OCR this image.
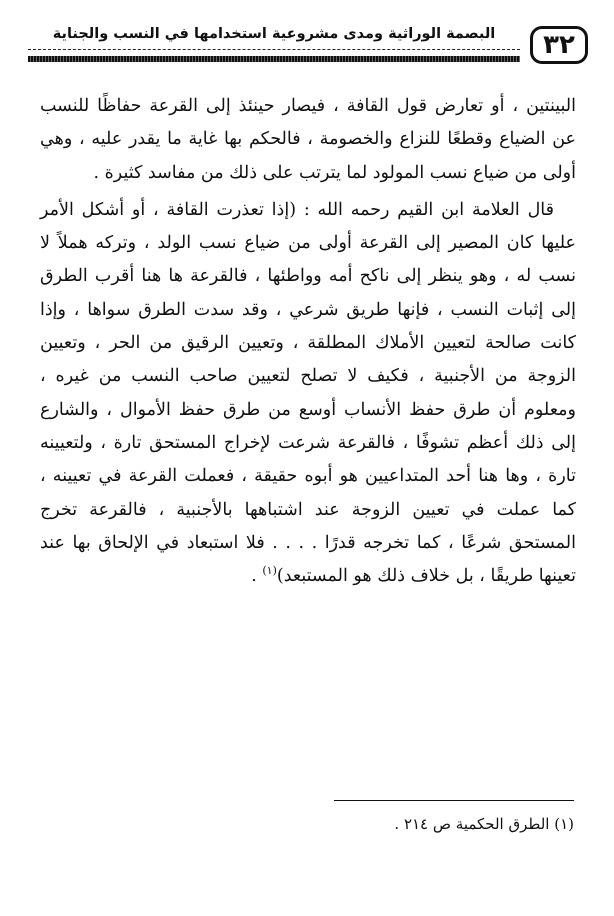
٣٢
البصمة الوراثية ومدى مشروعية استخدامها في النسب والجناية

البينتين ، أو تعارض قول القافة ، فيصار حينئذ إلى القرعة حفاظًا للنسب عن الضياع وقطعًا للنزاع والخصومة ، فالحكم بها غاية ما يقدر عليه ، وهي أولى من ضياع نسب المولود لما يترتب على ذلك من مفاسد كثيرة .

قال العلامة ابن القيم رحمه الله : (إذا تعذرت القافة ، أو أشكل الأمر عليها كان المصير إلى القرعة أولى من ضياع نسب الولد ، وتركه هملاً لا نسب له ، وهو ينظر إلى ناكح أمه وواطئها ، فالقرعة ها هنا أقرب الطرق إلى إثبات النسب ، فإنها طريق شرعي ، وقد سدت الطرق سواها ، وإذا كانت صالحة لتعيين الأملاك المطلقة ، وتعيين الرقيق من الحر ، وتعيين الزوجة من الأجنبية ، فكيف لا تصلح لتعيين صاحب النسب من غيره ، ومعلوم أن طرق حفظ الأنساب أوسع من طرق حفظ الأموال ، والشارع إلى ذلك أعظم تشوفًا ، فالقرعة شرعت لإخراج المستحق تارة ، ولتعيينه تارة ، وها هنا أحد المتداعيين هو أبوه حقيقة ، فعملت القرعة في تعيينه ، كما عملت في تعيين الزوجة عند اشتباهها بالأجنبية ، فالقرعة تخرج المستحق شرعًا ، كما تخرجه قدرًا . . . . فلا استبعاد في الإلحاق بها عند تعينها طريقًا ، بل خلاف ذلك هو المستبعد)$^{(١)}$ .

(١) الطرق الحكمية ص ٢١٤ .
